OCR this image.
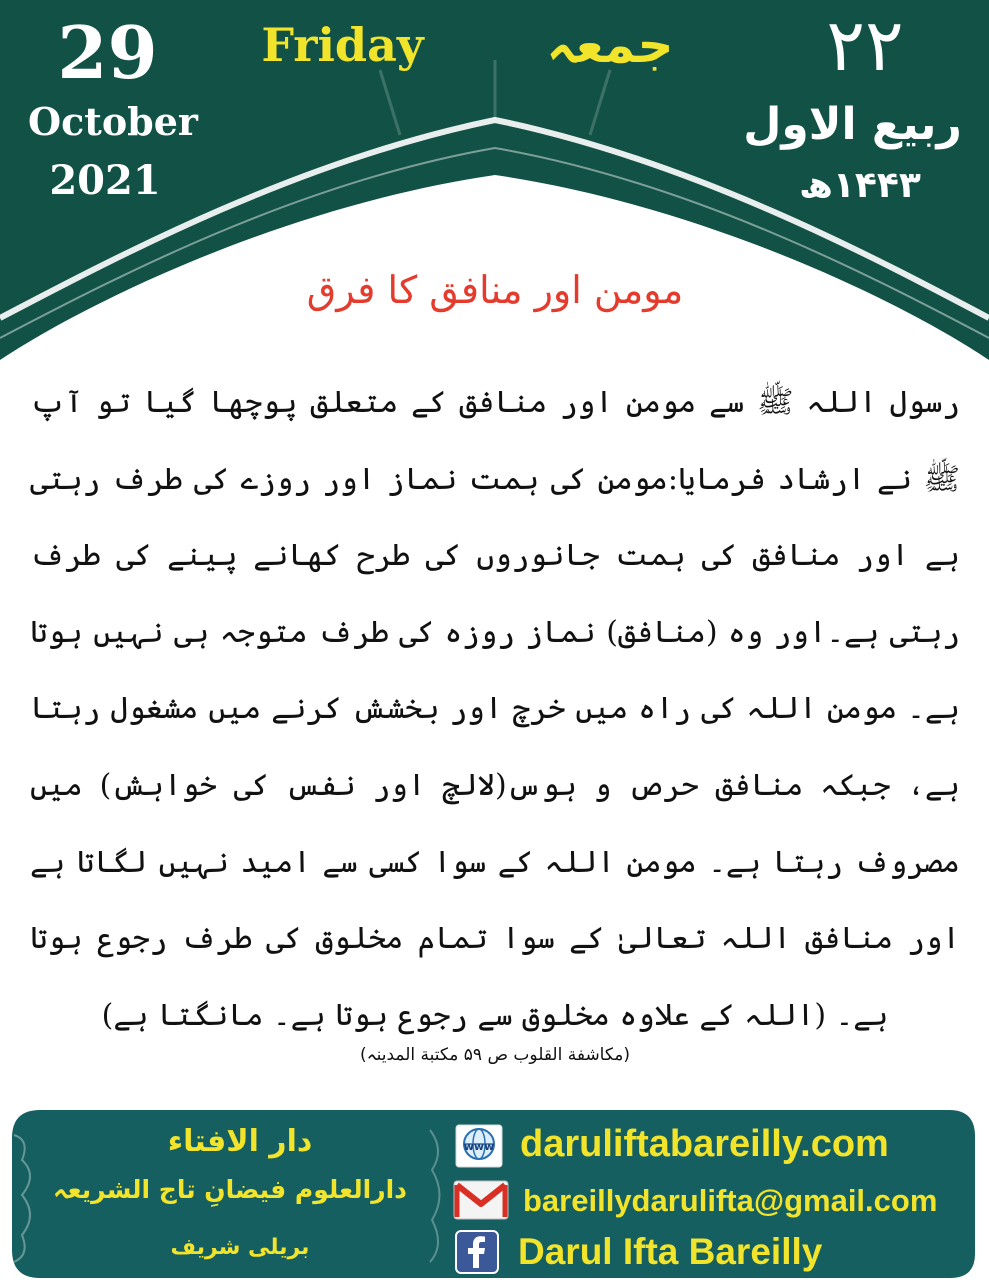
29
October
2021
Friday	جمعہ	۲۲
ربیع الاول
۱۴۴۳ھ
مومن اور منافق کا فرق
رسول اللہ ﷺ سے مومن اور منافق کے متعلق پوچھا گیا تو آپ ﷺ نے ارشاد فرمایا:مومن کی ہمت نماز اور روزے کی طرف رہتی ہے اور منافق کی ہمت جانوروں کی طرح کھانے پینے کی طرف رہتی ہے۔اور وہ (منافق) نماز روزہ کی طرف متوجہ ہی نہیں ہوتا ہے۔ مومن اللہ کی راہ میں خرچ اور بخشش کرنے میں مشغول رہتا ہے، جبکہ منافق حرص و ہوس(لالچ اور نفس کی خواہش) میں مصروف رہتا ہے۔ مومن اللہ کے سوا کسی سے امید نہیں لگاتا ہے اور منافق اللہ تعالیٰ کے سوا تمام مخلوق کی طرف رجوع ہوتا ہے۔ (اللہ کے علاوہ مخلوق سے رجوع ہوتا ہے۔ مانگتا ہے)
(مکاشفة القلوب ص ۵۹ مکتبة المدینہ)
دار الافتاء
دارالعلوم فیضانِ تاج الشریعہ
بریلی شریف
www daruliftabareilly.com
bareillydarulifta@gmail.com
Darul Ifta Bareilly
